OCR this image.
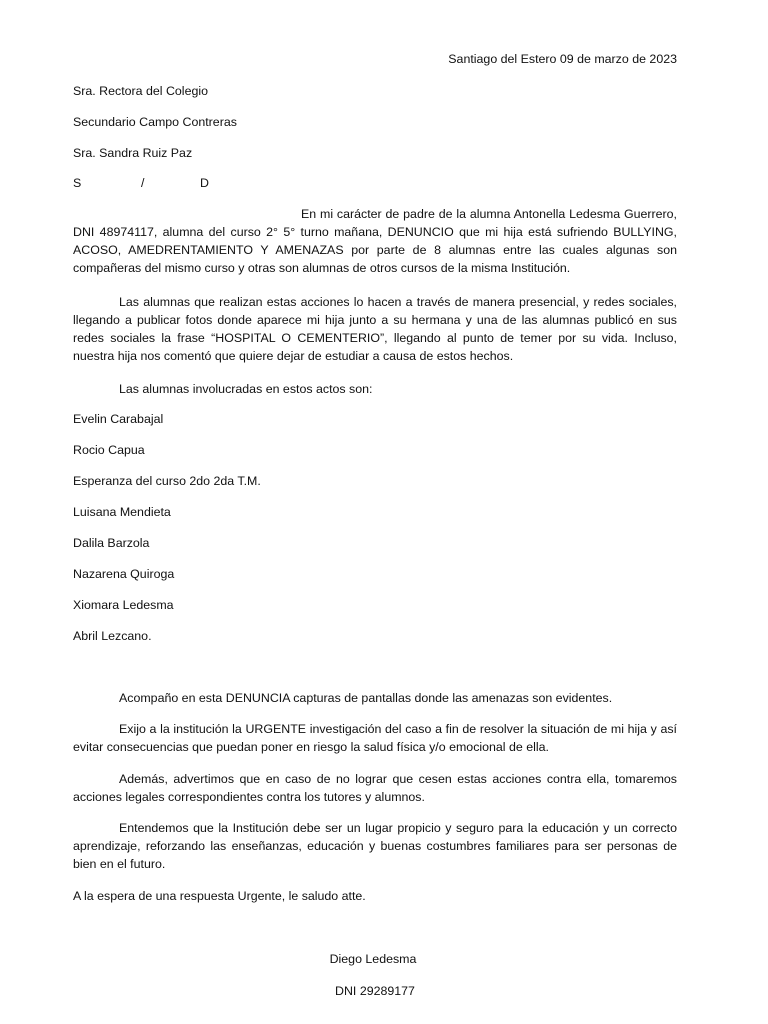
Santiago del Estero 09 de marzo de 2023
Sra. Rectora del Colegio
Secundario Campo Contreras
Sra. Sandra Ruiz Paz
S	/	D

En mi carácter de padre de la alumna Antonella Ledesma Guerrero, DNI 48974117, alumna del curso 2° 5° turno mañana, DENUNCIO que mi hija está sufriendo BULLYING, ACOSO, AMEDRENTAMIENTO Y AMENAZAS por parte de 8 alumnas entre las cuales algunas son compañeras del mismo curso y otras son alumnas de otros cursos de la misma Institución.

Las alumnas que realizan estas acciones lo hacen a través de manera presencial, y redes sociales, llegando a publicar fotos donde aparece mi hija junto a su hermana y una de las alumnas publicó en sus redes sociales la frase “HOSPITAL O CEMENTERIO”, llegando al punto de temer por su vida. Incluso, nuestra hija nos comentó que quiere dejar de estudiar a causa de estos hechos.

Las alumnas involucradas en estos actos son:

Evelin Carabajal
Rocio Capua
Esperanza del curso 2do 2da T.M.
Luisana Mendieta
Dalila Barzola
Nazarena Quiroga
Xiomara Ledesma
Abril Lezcano.

Acompaño en esta DENUNCIA capturas de pantallas donde las amenazas son evidentes.

Exijo a la institución la URGENTE investigación del caso a fin de resolver la situación de mi hija y así evitar consecuencias que puedan poner en riesgo la salud física y/o emocional de ella.

Además, advertimos que en caso de no lograr que cesen estas acciones contra ella, tomaremos acciones legales correspondientes contra los tutores y alumnos.

Entendemos que la Institución debe ser un lugar propicio y seguro para la educación y un correcto aprendizaje, reforzando las enseñanzas, educación y buenas costumbres familiares para ser personas de bien en el futuro.

A la espera de una respuesta Urgente, le saludo atte.
Diego Ledesma
DNI 29289177
